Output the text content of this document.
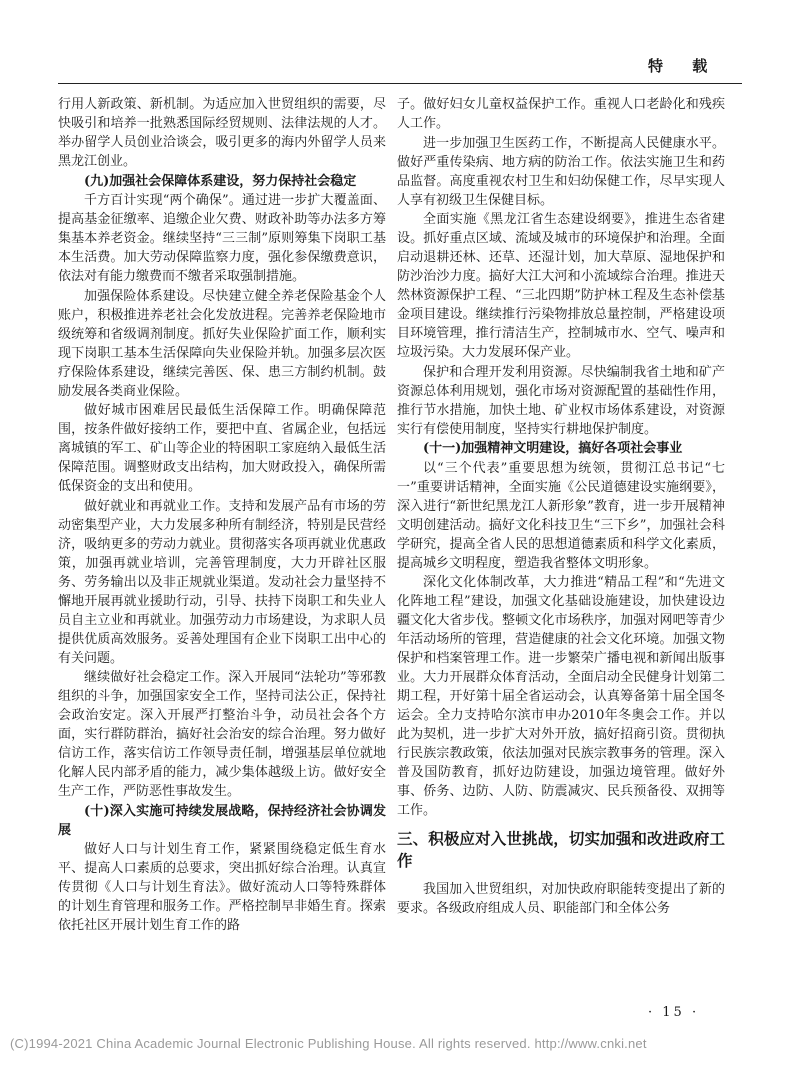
特 载

行用人新政策、新机制。为适应加入世贸组织的需要，尽快吸引和培养一批熟悉国际经贸规则、法律法规的人才。举办留学人员创业洽谈会，吸引更多的海内外留学人员来黑龙江创业。

(九)加强社会保障体系建设，努力保持社会稳定

千方百计实现“两个确保”。通过进一步扩大覆盖面、提高基金征缴率、追缴企业欠费、财政补助等办法多方筹集基本养老资金。继续坚持“三三制”原则筹集下岗职工基本生活费。加大劳动保障监察力度，强化参保缴费意识，依法对有能力缴费而不缴者采取强制措施。

加强保险体系建设。尽快建立健全养老保险基金个人账户，积极推进养老社会化发放进程。完善养老保险地市级统筹和省级调剂制度。抓好失业保险扩面工作，顺利实现下岗职工基本生活保障向失业保险并轨。加强多层次医疗保险体系建设，继续完善医、保、患三方制约机制。鼓励发展各类商业保险。

做好城市困难居民最低生活保障工作。明确保障范围，按条件做好接纳工作，要把中直、省属企业，包括远离城镇的军工、矿山等企业的特困职工家庭纳入最低生活保障范围。调整财政支出结构，加大财政投入，确保所需低保资金的支出和使用。

做好就业和再就业工作。支持和发展产品有市场的劳动密集型产业，大力发展多种所有制经济，特别是民营经济，吸纳更多的劳动力就业。贯彻落实各项再就业优惠政策，加强再就业培训，完善管理制度，大力开辟社区服务、劳务输出以及非正规就业渠道。发动社会力量坚持不懈地开展再就业援助行动，引导、扶持下岗职工和失业人员自主立业和再就业。加强劳动力市场建设，为求职人员提供优质高效服务。妥善处理国有企业下岗职工出中心的有关问题。

继续做好社会稳定工作。深入开展同“法轮功”等邪教组织的斗争，加强国家安全工作，坚持司法公正，保持社会政治安定。深入开展严打整治斗争，动员社会各个方面，实行群防群治，搞好社会治安的综合治理。努力做好信访工作，落实信访工作领导责任制，增强基层单位就地化解人民内部矛盾的能力，减少集体越级上访。做好安全生产工作，严防恶性事故发生。

(十)深入实施可持续发展战略，保持经济社会协调发展

做好人口与计划生育工作，紧紧围绕稳定低生育水平、提高人口素质的总要求，突出抓好综合治理。认真宣传贯彻《人口与计划生育法》。做好流动人口等特殊群体的计划生育管理和服务工作。严格控制早非婚生育。探索依托社区开展计划生育工作的路

子。做好妇女儿童权益保护工作。重视人口老龄化和残疾人工作。

进一步加强卫生医药工作，不断提高人民健康水平。做好严重传染病、地方病的防治工作。依法实施卫生和药品监督。高度重视农村卫生和妇幼保健工作，尽早实现人人享有初级卫生保健目标。

全面实施《黑龙江省生态建设纲要》，推进生态省建设。抓好重点区域、流域及城市的环境保护和治理。全面启动退耕还林、还草、还湿计划，加大草原、湿地保护和防沙治沙力度。搞好大江大河和小流域综合治理。推进天然林资源保护工程、“三北四期”防护林工程及生态补偿基金项目建设。继续推行污染物排放总量控制，严格建设项目环境管理，推行清洁生产，控制城市水、空气、噪声和垃圾污染。大力发展环保产业。

保护和合理开发利用资源。尽快编制我省土地和矿产资源总体利用规划，强化市场对资源配置的基础性作用，推行节水措施，加快土地、矿业权市场体系建设，对资源实行有偿使用制度，坚持实行耕地保护制度。

(十一)加强精神文明建设，搞好各项社会事业

以“三个代表”重要思想为统领，贯彻江总书记“七一”重要讲话精神，全面实施《公民道德建设实施纲要》，深入进行“新世纪黑龙江人新形象”教育，进一步开展精神文明创建活动。搞好文化科技卫生“三下乡”，加强社会科学研究，提高全省人民的思想道德素质和科学文化素质，提高城乡文明程度，塑造我省整体文明形象。

深化文化体制改革，大力推进“精品工程”和“先进文化阵地工程”建设，加强文化基础设施建设，加快建设边疆文化大省步伐。整顿文化市场秩序，加强对网吧等青少年活动场所的管理，营造健康的社会文化环境。加强文物保护和档案管理工作。进一步繁荣广播电视和新闻出版事业。大力开展群众体育活动，全面启动全民健身计划第二期工程，开好第十届全省运动会，认真筹备第十届全国冬运会。全力支持哈尔滨市申办2010年冬奥会工作。并以此为契机，进一步扩大对外开放，搞好招商引资。贯彻执行民族宗教政策，依法加强对民族宗教事务的管理。深入普及国防教育，抓好边防建设，加强边境管理。做好外事、侨务、边防、人防、防震减灾、民兵预备役、双拥等工作。

三、积极应对入世挑战，切实加强和改进政府工作

我国加入世贸组织，对加快政府职能转变提出了新的要求。各级政府组成人员、职能部门和全体公务

· 15 ·
(C)1994-2021 China Academic Journal Electronic Publishing House. All rights reserved. http://www.cnki.net
